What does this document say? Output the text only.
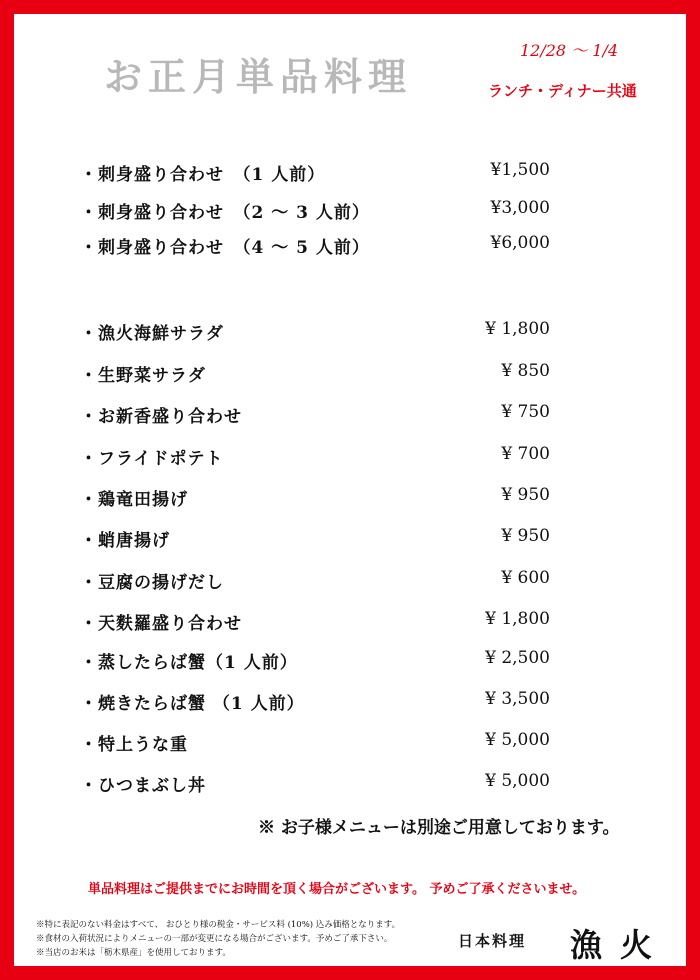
お正月単品料理
12/28 〜 1/4
ランチ・ディナー共通
・刺身盛り合わせ　（1 人前）	¥1,500
・刺身盛り合わせ　（2 〜 3 人前）	¥3,000
・刺身盛り合わせ　（4 〜 5 人前）	¥6,000
・漁火海鮮サラダ	¥ 1,800
・生野菜サラダ	¥ 850
・お新香盛り合わせ	¥ 750
・フライドポテト	¥ 700
・鶏竜田揚げ	¥ 950
・蛸唐揚げ	¥ 950
・豆腐の揚げだし	¥ 600
・天麩羅盛り合わせ	¥ 1,800
・蒸したらば蟹（1 人前）	¥ 2,500
・焼きたらば蟹 （1 人前）	¥ 3,500
・特上うな重	¥ 5,000
・ひつまぶし丼	¥ 5,000
※ お子様メニューは別途ご用意しております。
単品料理はご提供までにお時間を頂く場合がございます。 予めご了承くださいませ。
※特に表記のない料金はすべて、 おひとり様の税金・サービス料 (10%) 込み価格となります。
※食材の入荷状況によりメニューの一部が変更になる場合がございます。予めご了承下さい。
※当店のお米は「栃木県産」を使用しております。
日本料理 漁火
